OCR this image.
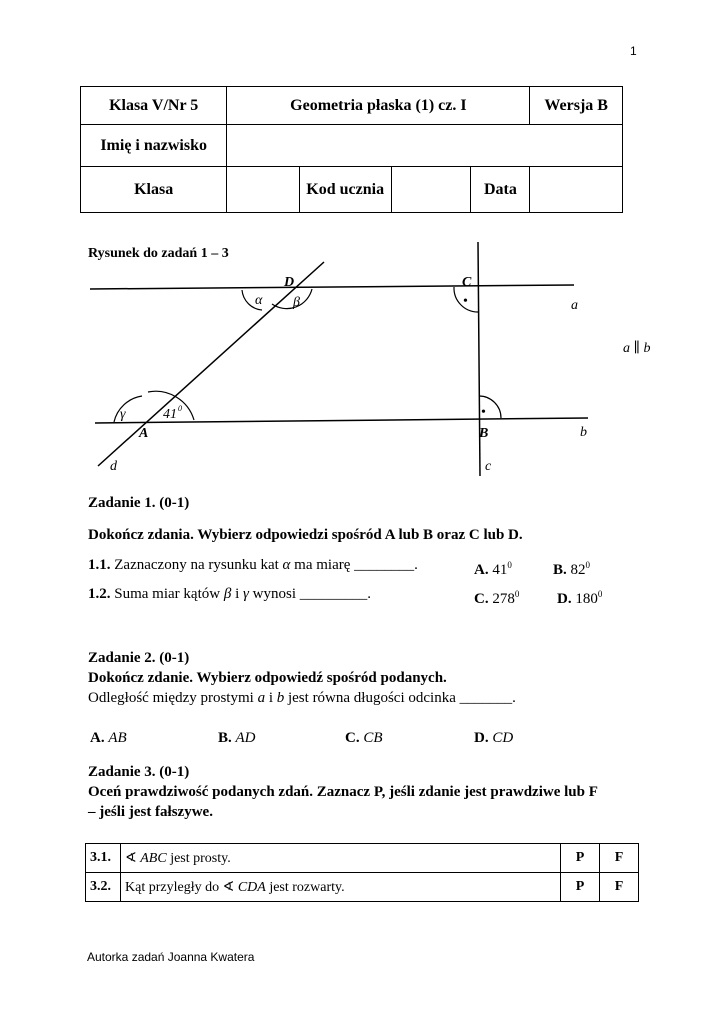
1
Klasa V/Nr 5	Geometria płaska (1) cz. I				Wersja B
Imię i nazwisko					
Klasa		Kod ucznia		Data	
Rysunek do zadań 1 – 3
D	C
A	B
a
b
c
d
α β
γ	41 0
•
•
a ∥ b
Zadanie 1. (0-1)
Dokończ zdania. Wybierz odpowiedzi spośród A lub B oraz C lub D.
1.1. Zaznaczony na rysunku kat α ma miarę ________.	A. $41^0$	B. $82^0$
1.2. Suma miar kątów β i γ wynosi _________.	C. $278^0$	D. $180^0$
Zadanie 2. (0-1)
Dokończ zdanie. Wybierz odpowiedź spośród podanych.
Odległość między prostymi a i b jest równa długości odcinka _______.
A. AB	B. AD	C. CB	D. CD
Zadanie 3. (0-1)
Oceń prawdziwość podanych zdań. Zaznacz P, jeśli zdanie jest prawdziwe lub F
– jeśli jest fałszywe.
3.1.	∢ ABC jest prosty.	P	F
3.2.	Kąt przyległy do ∢ CDA jest rozwarty.	P	F
Autorka zadań Joanna Kwatera
